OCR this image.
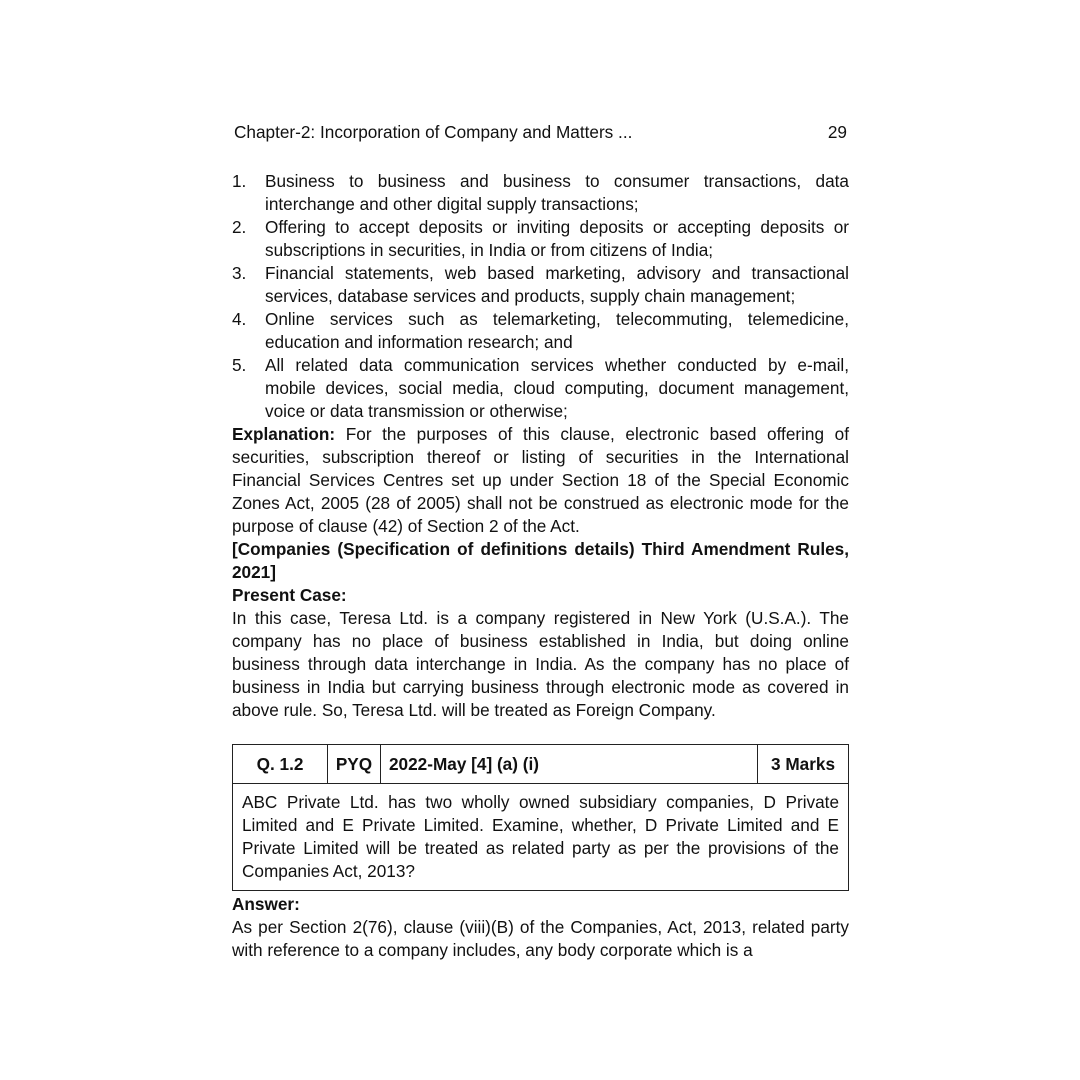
Chapter-2: Incorporation of Company and Matters ...	29
1.	Business to business and business to consumer transactions, data interchange and other digital supply transactions;
2.	Offering to accept deposits or inviting deposits or accepting deposits or subscriptions in securities, in India or from citizens of India;
3.	Financial statements, web based marketing, advisory and transactional services, database services and products, supply chain management;
4.	Online services such as telemarketing, telecommuting, telemedicine, education and information research; and
5.	All related data communication services whether conducted by e-mail, mobile devices, social media, cloud computing, document management, voice or data transmission or otherwise;

Explanation: For the purposes of this clause, electronic based offering of securities, subscription thereof or listing of securities in the International Financial Services Centres set up under Section 18 of the Special Economic Zones Act, 2005 (28 of 2005) shall not be construed as electronic mode for the purpose of clause (42) of Section 2 of the Act.

[Companies (Specification of definitions details) Third Amendment Rules, 2021]

Present Case:

In this case, Teresa Ltd. is a company registered in New York (U.S.A.). The company has no place of business established in India, but doing online business through data interchange in India. As the company has no place of business in India but carrying business through electronic mode as covered in above rule. So, Teresa Ltd. will be treated as Foreign Company.

Q. 1.2	PYQ	2022-May [4] (a) (i)	3 Marks
ABC Private Ltd. has two wholly owned subsidiary companies, D Private Limited and E Private Limited. Examine, whether, D Private Limited and E Private Limited will be treated as related party as per the provisions of the Companies Act, 2013?

Answer:

As per Section 2(76), clause (viii)(B) of the Companies, Act, 2013, related party with reference to a company includes, any body corporate which is a
